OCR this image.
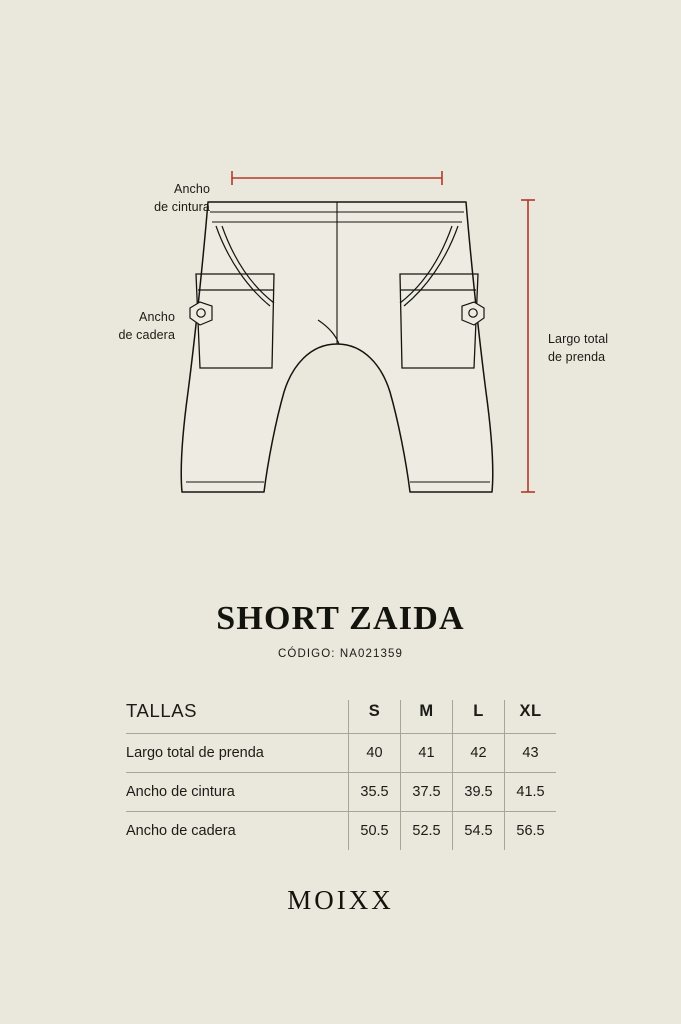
Ancho
de cintura
Ancho
de cadera	Largo total
de prenda
SHORT ZAIDA
CÓDIGO: NA021359
TALLAS	S	M	L	XL
Largo total de prenda	40	41	42	43
Ancho de cintura	35.5	37.5	39.5	41.5
Ancho de cadera	50.5	52.5	54.5	56.5
MOIXX
